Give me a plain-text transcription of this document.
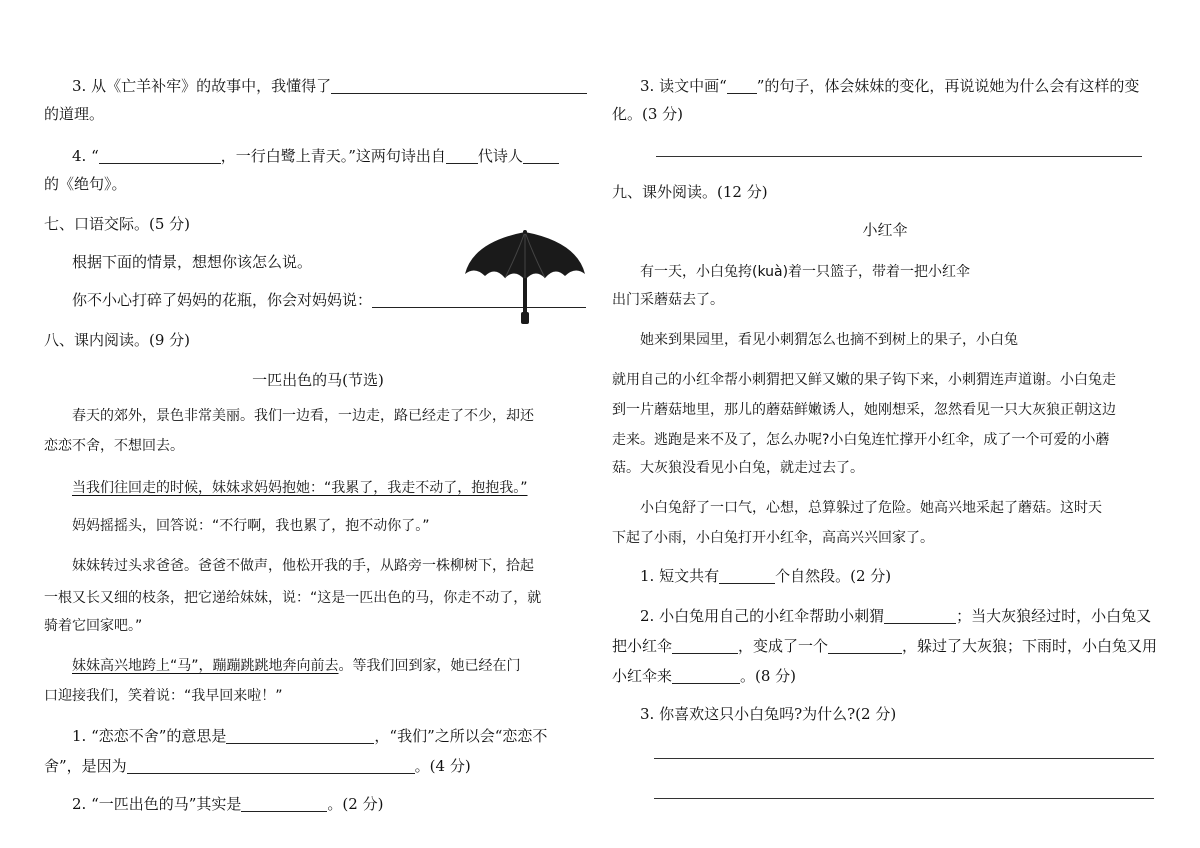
3. 从《亡羊补牢》的故事中，我懂得了
的道理。
4. “	，一行白鹭上青天。”这两句诗出自 代诗人
的《绝句》。
七、口语交际。(5 分)
根据下面的情景，想想你该怎么说。
你不小心打碎了妈妈的花瓶，你会对妈妈说：
八、课内阅读。(9 分)
一匹出色的马(节选)
春天的郊外，景色非常美丽。我们一边看，一边走，路已经走了不少，却还
恋恋不舍，不想回去。
当我们往回走的时候，妹妹求妈妈抱她：“我累了，我走不动了，抱抱我。”
妈妈摇摇头，回答说：“不行啊，我也累了，抱不动你了。”
妹妹转过头求爸爸。爸爸不做声，他松开我的手，从路旁一株柳树下，拾起
一根又长又细的枝条，把它递给妹妹，说：“这是一匹出色的马，你走不动了，就
骑着它回家吧。”
妹妹高兴地跨上“马”，蹦蹦跳跳地奔向前去。等我们回到家，她已经在门
口迎接我们，笑着说：“我早回来啦！”
1. “恋恋不舍”的意思是	，“我们”之所以会“恋恋不
舍”，是因为	。(4 分)
2. “一匹出色的马”其实是	。(2 分)
3. 读文中画“ ”的句子，体会妹妹的变化，再说说她为什么会有这样的变
化。(3 分)
九、课外阅读。(12 分)
小红伞
有一天，小白兔挎(kuà)着一只篮子，带着一把小红伞
出门采蘑菇去了。
她来到果园里，看见小刺猬怎么也摘不到树上的果子，小白兔
就用自己的小红伞帮小刺猬把又鲜又嫩的果子钩下来，小刺猬连声道谢。小白兔走
到一片蘑菇地里，那儿的蘑菇鲜嫩诱人，她刚想采，忽然看见一只大灰狼正朝这边
走来。逃跑是来不及了，怎么办呢?小白兔连忙撑开小红伞，成了一个可爱的小蘑
菇。大灰狼没看见小白兔，就走过去了。
小白兔舒了一口气，心想，总算躲过了危险。她高兴地采起了蘑菇。这时天
下起了小雨，小白兔打开小红伞，高高兴兴回家了。
1. 短文共有	个自然段。(2 分)
2. 小白兔用自己的小红伞帮助小刺猬	；当大灰狼经过时，小白兔又
把小红伞	，变成了一个	，躲过了大灰狼；下雨时，小白兔又用
小红伞来	。(8 分)
3. 你喜欢这只小白兔吗?为什么?(2 分)
